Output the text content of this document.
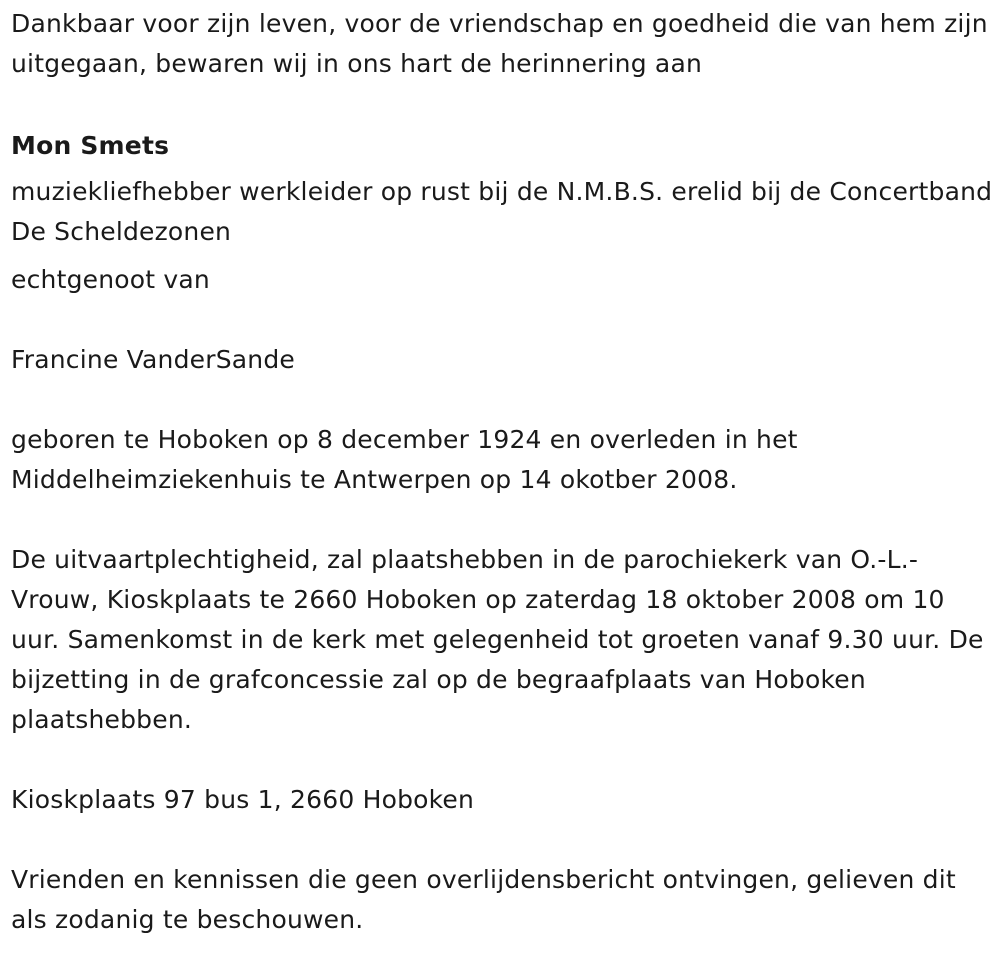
Dankbaar voor zijn leven, voor de vriendschap en goedheid die van hem zijn uitgegaan, bewaren wij in ons hart de herinnering aan

Mon Smets

muziekliefhebber werkleider op rust bij de N.M.B.S. erelid bij de Concertband De Scheldezonen

echtgenoot van

Francine VanderSande

geboren te Hoboken op 8 december 1924 en overleden in het Middelheimziekenhuis te Antwerpen op 14 okotber 2008.

De uitvaartplechtigheid, zal plaatshebben in de parochiekerk van O.-L.-Vrouw, Kioskplaats te 2660 Hoboken op zaterdag 18 oktober 2008 om 10 uur. Samenkomst in de kerk met gelegenheid tot groeten vanaf 9.30 uur. De bijzetting in de grafconcessie zal op de begraafplaats van Hoboken plaatshebben.

Kioskplaats 97 bus 1, 2660 Hoboken

Vrienden en kennissen die geen overlijdensbericht ontvingen, gelieven dit als zodanig te beschouwen.
